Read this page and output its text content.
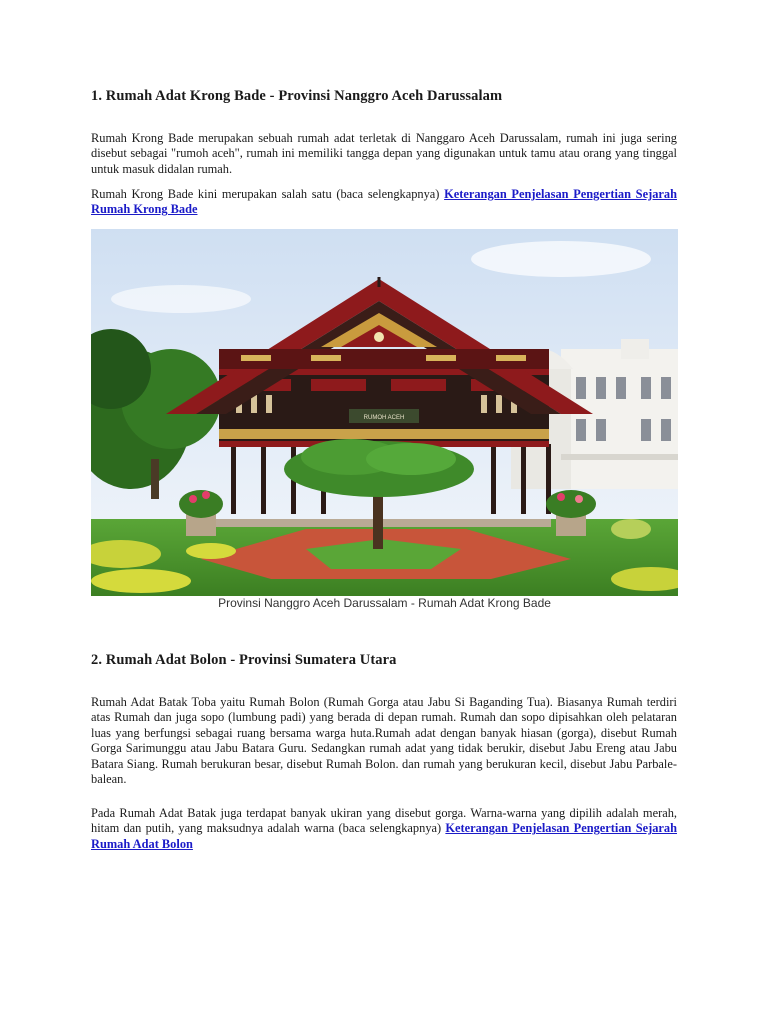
1. Rumah Adat Krong Bade - Provinsi Nanggro Aceh Darussalam

Rumah Krong Bade merupakan sebuah rumah adat terletak di Nanggaro Aceh Darussalam, rumah ini juga sering disebut sebagai "rumoh aceh", rumah ini memiliki tangga depan yang digunakan untuk tamu atau orang yang tinggal untuk masuk didalan rumah.

Rumah Krong Bade kini merupakan salah satu (baca selengkapnya) Keterangan Penjelasan Pengertian Sejarah Rumah Krong Bade

RUMOH ACEH
Provinsi Nanggro Aceh Darussalam - Rumah Adat Krong Bade
2. Rumah Adat Bolon - Provinsi Sumatera Utara

Rumah Adat Batak Toba yaitu Rumah Bolon (Rumah Gorga atau Jabu Si Baganding Tua). Biasanya Rumah terdiri atas Rumah dan juga sopo (lumbung padi) yang berada di depan rumah. Rumah dan sopo dipisahkan oleh pelataran luas yang berfungsi sebagai ruang bersama warga huta.Rumah adat dengan banyak hiasan (gorga), disebut Rumah Gorga Sarimunggu atau Jabu Batara Guru. Sedangkan rumah adat yang tidak berukir, disebut Jabu Ereng atau Jabu Batara Siang. Rumah berukuran besar, disebut Rumah Bolon. dan rumah yang berukuran kecil, disebut Jabu Parbale-balean.

Pada Rumah Adat Batak juga terdapat banyak ukiran yang disebut gorga. Warna-warna yang dipilih adalah merah, hitam dan putih, yang maksudnya adalah warna (baca selengkapnya) Keterangan Penjelasan Pengertian Sejarah Rumah Adat Bolon
